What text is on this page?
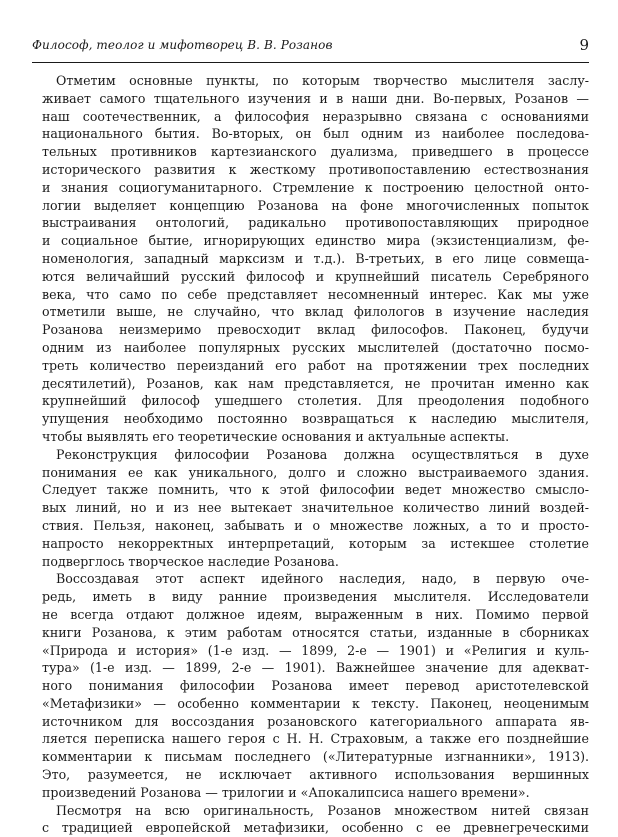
Философ, теолог и мифотворец В. В. Розанов	9
Отметим основные пункты, по которым творчество мыслителя заслу-
живает самого тщательного изучения и в наши дни. Во-первых, Розанов —
наш соотечественник, а философия неразрывно связана с основаниями
национального бытия. Во-вторых, он был одним из наиболее последова-
тельных противников картезианского дуализма, приведшего в процессе
исторического развития к жесткому противопоставлению естествознания
и знания социогуманитарного. Стремление к построению целостной онто-
логии выделяет концепцию Розанова на фоне многочисленных попыток
выстраивания онтологий, радикально противопоставляющих природное
и социальное бытие, игнорирующих единство мира (экзистенциализм, фе-
номенология, западный марксизм и т.д.). В-третьих, в его лице совмеща-
ются величайший русский философ и крупнейший писатель Серебряного
века, что само по себе представляет несомненный интерес. Как мы уже
отметили выше, не случайно, что вклад филологов в изучение наследия
Розанова неизмеримо превосходит вклад философов. Паконец, будучи
одним из наиболее популярных русских мыслителей (достаточно посмо-
треть количество переизданий его работ на протяжении трех последних
десятилетий), Розанов, как нам представляется, не прочитан именно как
крупнейший философ ушедшего столетия. Для преодоления подобного
упущения необходимо постоянно возвращаться к наследию мыслителя,
чтобы выявлять его теоретические основания и актуальные аспекты.
Реконструкция философии Розанова должна осуществляться в духе
понимания ее как уникального, долго и сложно выстраиваемого здания.
Следует также помнить, что к этой философии ведет множество смысло-
вых линий, но и из нее вытекает значительное количество линий воздей-
ствия. Пельзя, наконец, забывать и о множестве ложных, а то и просто-
напросто некорректных интерпретаций, которым за истекшее столетие
подверглось творческое наследие Розанова.
Воссоздавая этот аспект идейного наследия, надо, в первую оче-
редь, иметь в виду ранние произведения мыслителя. Исследователи
не всегда отдают должное идеям, выраженным в них. Помимо первой
книги Розанова, к этим работам относятся статьи, изданные в сборниках
«Природа и история» (1-е изд. — 1899, 2-е — 1901) и «Религия и куль-
тура» (1-е изд. — 1899, 2-е — 1901). Важнейшее значение для адекват-
ного понимания философии Розанова имеет перевод аристотелевской
«Метафизики» — особенно комментарии к тексту. Паконец, неоценимым
источником для воссоздания розановского категориального аппарата яв-
ляется переписка нашего героя с Н. Н. Страховым, а также его позднейшие
комментарии к письмам последнего («Литературные изгнанники», 1913).
Это, разумеется, не исключает активного использования вершинных
произведений Розанова — трилогии и «Апокалипсиса нашего времени».
Песмотря на всю оригинальность, Розанов множеством нитей связан
с традицией европейской метафизики, особенно с ее древнегреческими
